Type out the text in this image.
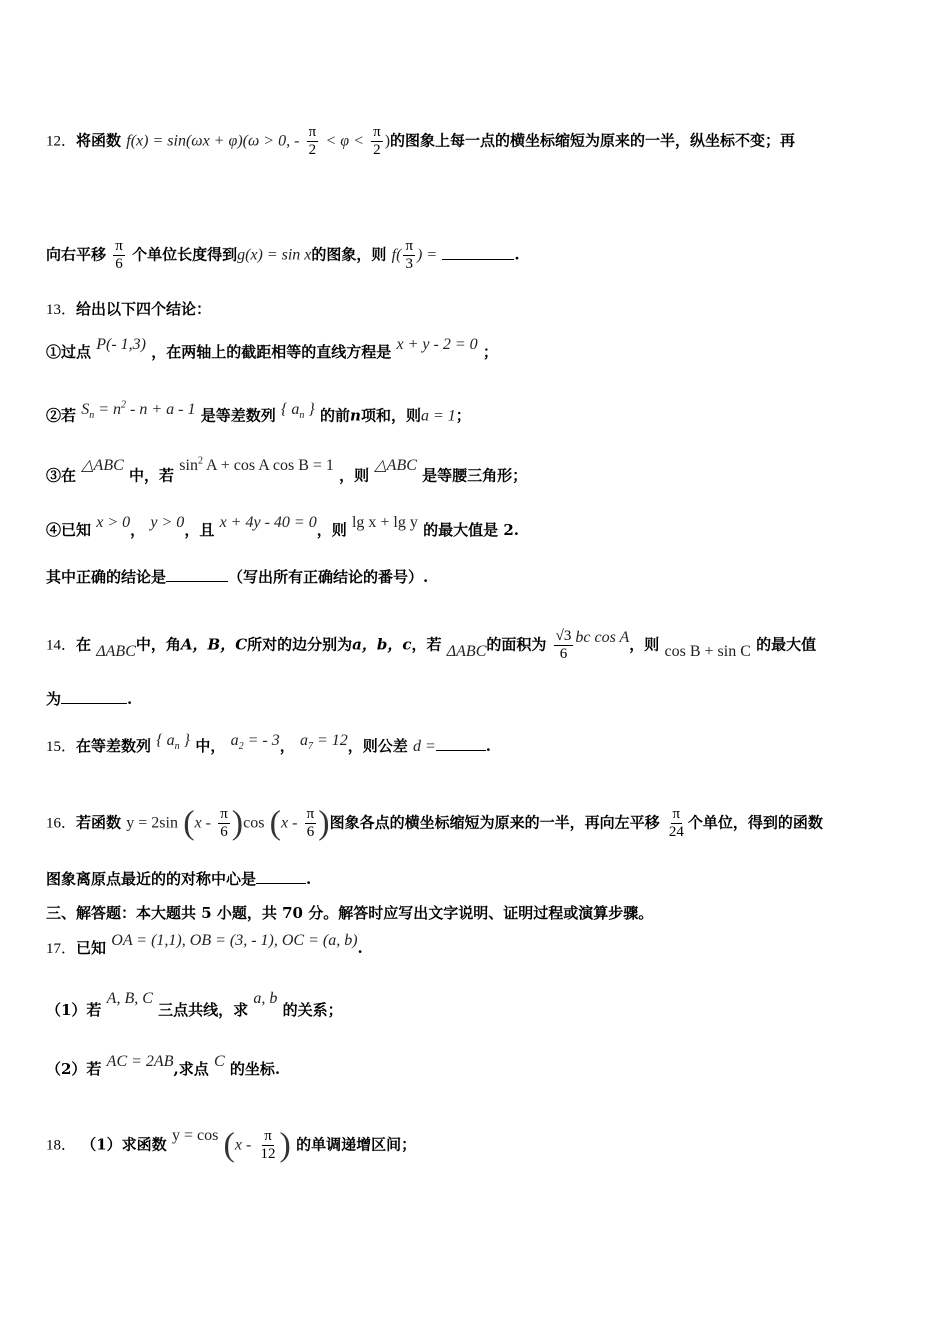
12．将函数 f(x) = sin(ωx + φ)(ω > 0, - $\frac{\pi}{2} < \varphi < \frac{\pi}{2}$ )的图象上每一点的横坐标缩短为原来的一半，纵坐标不变；再
向右平移 $\frac{\pi}{6}$ 个单位长度得到g(x) = sin x的图象，则 $f( \frac{\pi}{3}$ ) =	.
13．给出以下四个结论：
①过点 P(- 1,3) ，在两轴上的截距相等的直线方程是 x + y - 2 = 0 ；
②若 $S_n = n^2 - n + a - 1$ 是等差数列 { $a_n$ } 的前n项和，则a = 1；
③在 △ABC 中，若 $\sin^2 A + \cos A$ cos B = 1 ，则 △ABC 是等腰三角形；
④已知 x > 0， y > 0，且 x + 4y - 40 = 0，则 lg x + lg y 的最大值是 2.
其中正确的结论是	（写出所有正确结论的番号）.
14．在 ΔABC中，角A，B，C所对的边分别为a，b，c，若 ΔABC的面积为 $\frac{√3}{6}$ bc cos A，则 cos B + sin C 的最大值
为	.
15．在等差数列 { $a_n$ } 中， $a_2$ = - 3， $a_7 = 12$，则公差 d =	.
16．若函数 y = 2sin $(x - \frac{\pi}{6} )\cos$ ($x - \frac{\pi}{6}$ )图象各点的横坐标缩短为原来的一半，再向左平移 $\frac{\pi}{24}$ 个单位，得到的函数
图象离原点最近的的对称中心是	.
三、解答题：本大题共 5 小题，共 70 分。解答时应写出文字说明、证明过程或演算步骤。
17．已知 OA = (1,1), OB = (3, - 1), OC = (a, b).
（1）若 A, B, C 三点共线，求 a, b 的关系；
（2）若 AC = 2AB,求点 C 的坐标.
18． （1）求函数 $y = \cos (x - \frac{\pi}{12}$ ) 的单调递增区间；
